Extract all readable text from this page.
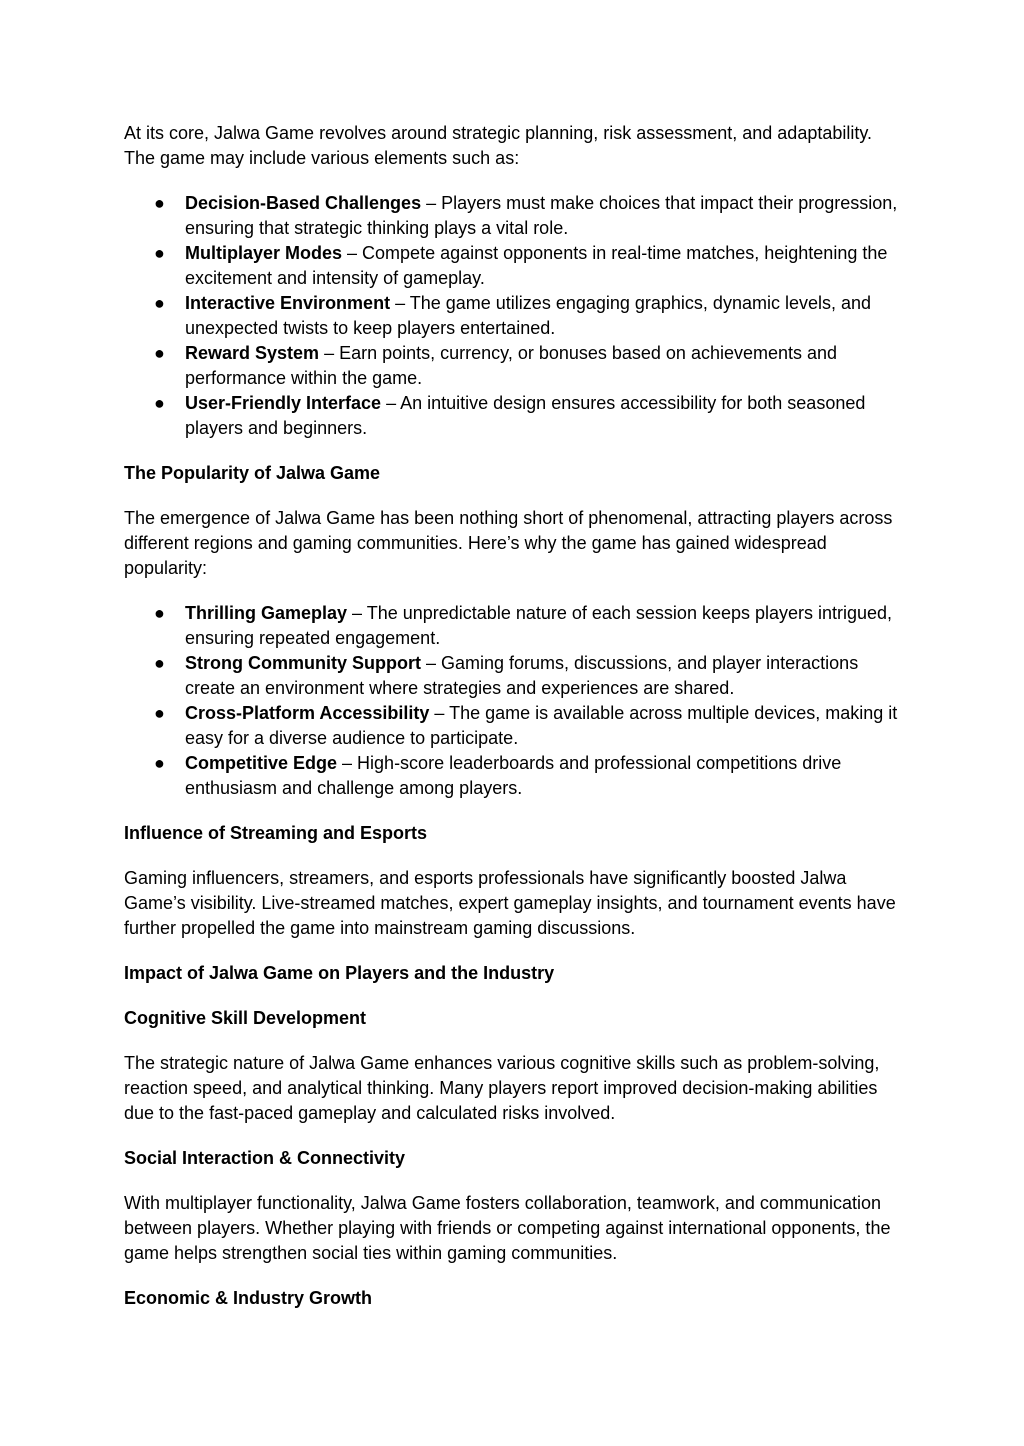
At its core, Jalwa Game revolves around strategic planning, risk assessment, and adaptability. The game may include various elements such as:

● Decision-Based Challenges – Players must make choices that impact their progression, ensuring that strategic thinking plays a vital role.
● Multiplayer Modes – Compete against opponents in real-time matches, heightening the excitement and intensity of gameplay.
● Interactive Environment – The game utilizes engaging graphics, dynamic levels, and unexpected twists to keep players entertained.
● Reward System – Earn points, currency, or bonuses based on achievements and performance within the game.
● User-Friendly Interface – An intuitive design ensures accessibility for both seasoned players and beginners.

The Popularity of Jalwa Game

The emergence of Jalwa Game has been nothing short of phenomenal, attracting players across different regions and gaming communities. Here’s why the game has gained widespread popularity:

● Thrilling Gameplay – The unpredictable nature of each session keeps players intrigued, ensuring repeated engagement.
● Strong Community Support – Gaming forums, discussions, and player interactions create an environment where strategies and experiences are shared.
● Cross-Platform Accessibility – The game is available across multiple devices, making it easy for a diverse audience to participate.
● Competitive Edge – High-score leaderboards and professional competitions drive enthusiasm and challenge among players.

Influence of Streaming and Esports

Gaming influencers, streamers, and esports professionals have significantly boosted Jalwa Game’s visibility. Live-streamed matches, expert gameplay insights, and tournament events have further propelled the game into mainstream gaming discussions.

Impact of Jalwa Game on Players and the Industry

Cognitive Skill Development

The strategic nature of Jalwa Game enhances various cognitive skills such as problem-solving, reaction speed, and analytical thinking. Many players report improved decision-making abilities due to the fast-paced gameplay and calculated risks involved.

Social Interaction & Connectivity

With multiplayer functionality, Jalwa Game fosters collaboration, teamwork, and communication between players. Whether playing with friends or competing against international opponents, the game helps strengthen social ties within gaming communities.

Economic & Industry Growth
